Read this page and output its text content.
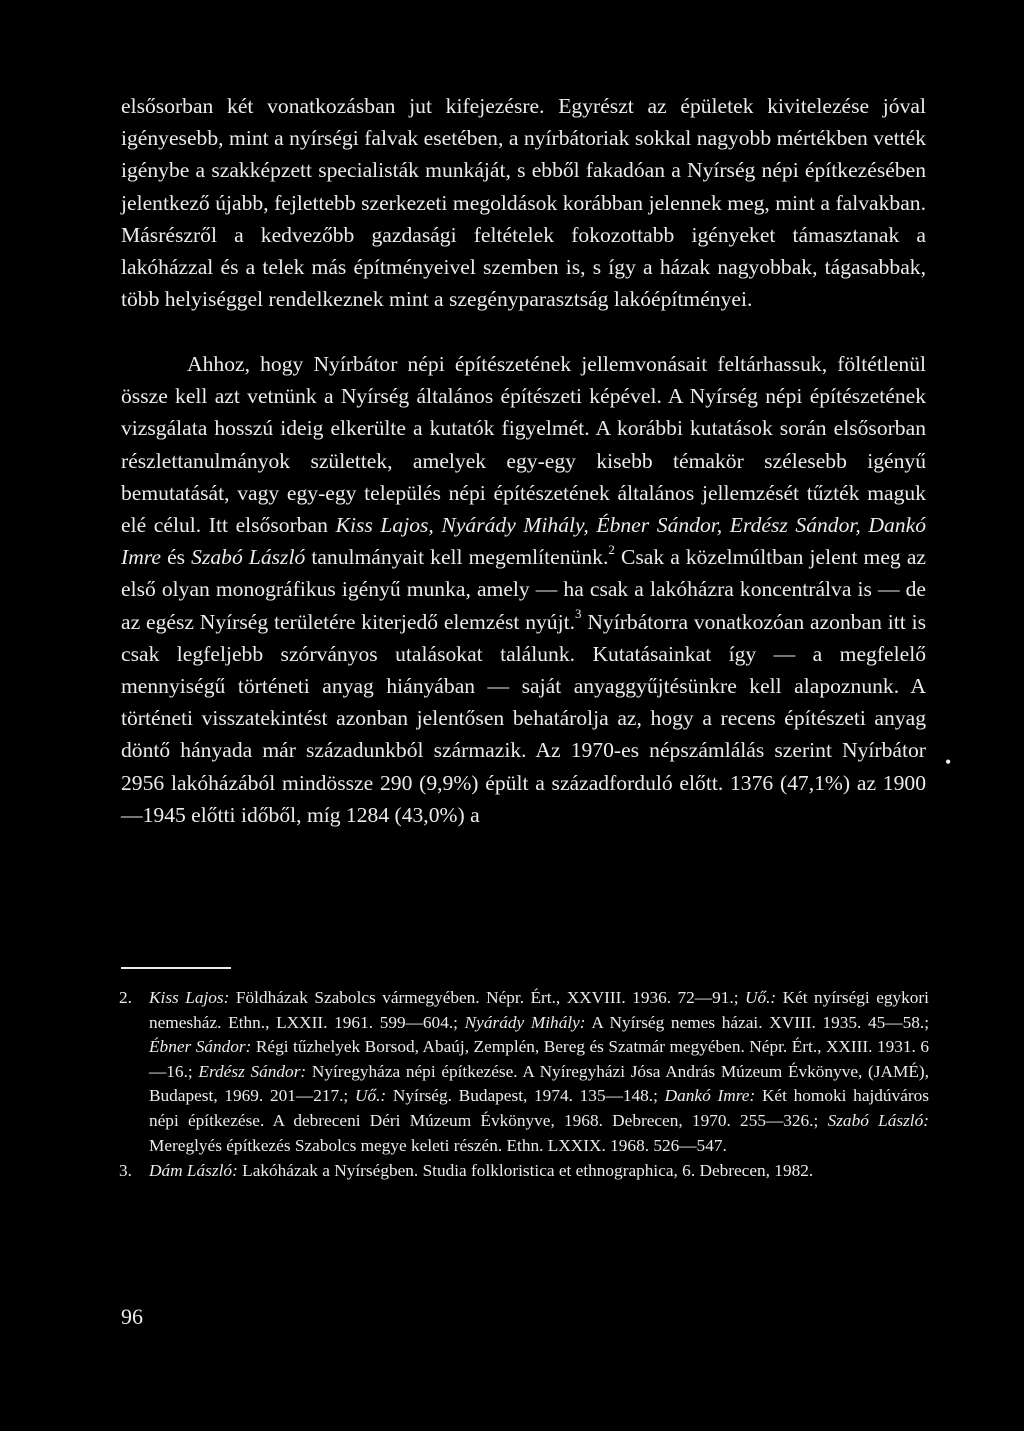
elsősorban két vonatkozásban jut kifejezésre. Egyrészt az épületek kivitelezése jóval igényesebb, mint a nyírségi falvak esetében, a nyírbátoriak sokkal nagyobb mértékben vették igénybe a szakképzett specialisták munkáját, s ebből fakadóan a Nyírség népi építkezésében jelentkező újabb, fejlettebb szerkezeti megoldások korábban jelennek meg, mint a falvakban. Másrészről a kedvezőbb gazdasági feltételek fokozottabb igényeket támasztanak a lakóházzal és a telek más építményeivel szemben is, s így a házak nagyobbak, tágasabbak, több helyiséggel rendelkeznek mint a szegényparasztság lakóépítményei.
Ahhoz, hogy Nyírbátor népi építészetének jellemvonásait feltárhassuk, föltétlenül össze kell azt vetnünk a Nyírség általános építészeti képével. A Nyírség népi építészetének vizsgálata hosszú ideig elkerülte a kutatók figyelmét. A korábbi kutatások során elsősorban részlettanulmányok születtek, amelyek egy-egy kisebb témakör szélesebb igényű bemutatását, vagy egy-egy település népi építészetének általános jellemzését tűzték maguk elé célul. Itt elsősorban Kiss Lajos, Nyárády Mihály, Ébner Sándor, Erdész Sándor, Dankó Imre és Szabó László tanulmányait kell megemlítenünk.$^2$ Csak a közelmúltban jelent meg az első olyan monográfikus igényű munka, amely — ha csak a lakóházra koncentrálva is — de az egész Nyírség területére kiterjedő elemzést nyújt.$^3$ Nyírbátorra vonatkozóan azonban itt is csak legfeljebb szórványos utalásokat találunk. Kutatásainkat így — a megfelelő mennyiségű történeti anyag hiányában — saját anyaggyűjtésünkre kell alapoznunk. A történeti visszatekintést azonban jelentősen behatárolja az, hogy a recens építészeti anyag döntő hányada már századunkból származik. Az 1970-es népszámlálás szerint Nyírbátor 2956 lakóházából mindössze 290 (9,9%) épült a századforduló előtt. 1376 (47,1%) az 1900—1945 előtti időből, míg 1284 (43,0%) a
•
2. Kiss Lajos: Földházak Szabolcs vármegyében. Népr. Ért., XXVIII. 1936. 72—91.; Uő.: Két nyírségi egykori nemesház. Ethn., LXXII. 1961. 599—604.; Nyárády Mihály: A Nyírség nemes házai. XVIII. 1935. 45—58.; Ébner Sándor: Régi tűzhelyek Borsod, Abaúj, Zemplén, Bereg és Szatmár megyében. Népr. Ért., XXIII. 1931. 6—16.; Erdész Sándor: Nyíregyháza népi építkezése. A Nyíregyházi Jósa András Múzeum Évkönyve, (JAMÉ), Budapest, 1969. 201—217.; Uő.: Nyírség. Budapest, 1974. 135—148.; Dankó Imre: Két homoki hajdúváros népi építkezése. A debreceni Déri Múzeum Évkönyve, 1968. Debrecen, 1970. 255—326.; Szabó László: Mereglyés építkezés Szabolcs megye keleti részén. Ethn. LXXIX. 1968. 526—547.
3. Dám László: Lakóházak a Nyírségben. Studia folkloristica et ethnographica, 6. Debrecen, 1982.
96
